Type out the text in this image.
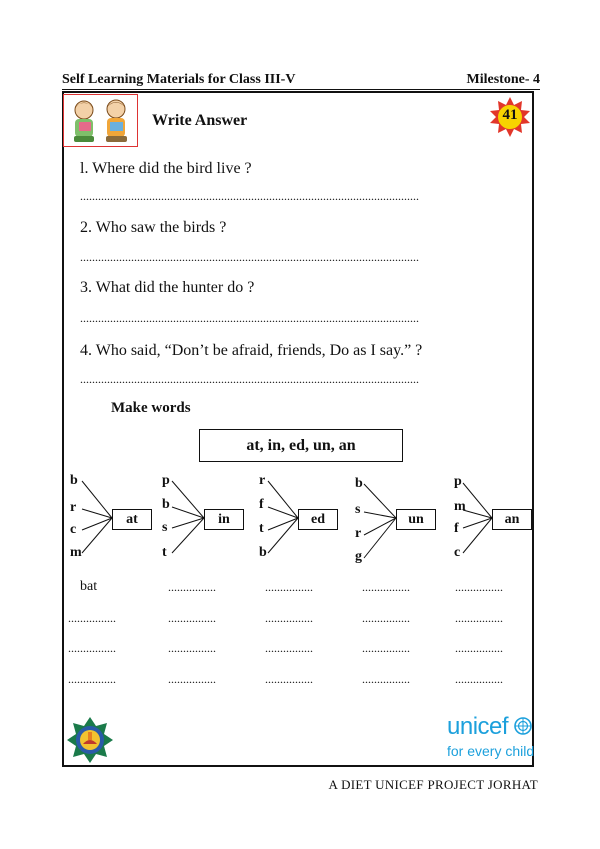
Self Learning Materials for Class III-V	Milestone- 4
Write Answer	41
l. Where did the bird live ?
.................................................................................................................
2. Who saw the birds ?
.................................................................................................................
3. What did the hunter do ?
.................................................................................................................
4. Who said, “Don’t be afraid, friends, Do as I say.” ?
.................................................................................................................
Make words
at, in, ed, un, an
b
r
c
m
at
p
b
s
t
in
r
f
t
b
ed
b
s
r
g
un
p
m
f
c
an
bat	................	................	................	................
................	................	................	................	................
................	................	................	................	................
................	................	................	................	................
unicef
for every child
A DIET UNICEF PROJECT JORHAT
